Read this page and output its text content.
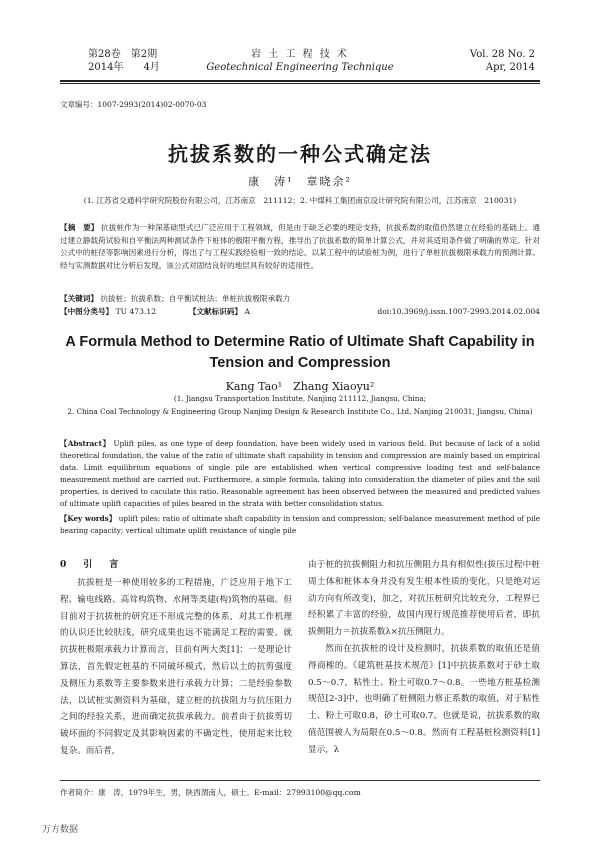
第28卷　第2期
2014年　　4月
岩 土 工 程 技 术
Geotechnical Engineering Technique
Vol. 28 No. 2
Apr, 2014
文章编号：1007-2993(2014)02-0070-03
抗拔系数的一种公式确定法
康　涛¹　章晓余²
(1. 江苏省交通科学研究院股份有限公司，江苏南京　211112；2. 中煤科工集团南京设计研究院有限公司，江苏南京　210031)
【摘　要】 抗拔桩作为一种深基础型式已广泛应用于工程领域，但是由于缺乏必要的理论支持，抗拔系数的取值仍然建立在经验的基础上。通过建立静载荷试验和自平衡法两种测试条件下桩体的极限平衡方程，推导出了抗拔系数的简单计算公式，并对其适用条件做了明确的界定。针对公式中的桩径等影响因素进行分析，得出了与工程实践经验相一致的结论。以某工程中的试验桩为例，进行了单桩抗拔极限承载力的预测计算。经与实测数据对比分析后发现，该公式对固结良好的地层具有较好的适用性。
【关键词】 抗拔桩；抗拔系数；自平衡试桩法；单桩抗拔极限承载力
【中图分类号】 TU 473.12	【文献标识码】 A	doi:10.3969/j.issn.1007-2993.2014.02.004
A Formula Method to Determine Ratio of Ultimate Shaft Capability in Tension and Compression
Kang Tao¹　Zhang Xiaoyu²
(1. Jiangsu Transportation Institute, Nanjing 211112, Jiangsu, China;
2. China Coal Technology & Engineering Group Nanjing Design & Research Institute Co., Ltd, Nanjing 210031, Jiangsu, China)
【Abstract】 Uplift piles, as one type of deep foundation, have been widely used in various field. But because of lack of a solid theoretical foundation, the value of the ratio of ultimate shaft capability in tension and compression are mainly based on empirical data. Limit equilibrium equations of single pile are established when vertical compressive loading test and self-balance measurement method are carried out. Furthermore, a simple formula, taking into consideration the diameter of piles and the soil properties, is derived to caculate this ratio. Reasonable agreement has been observed between the measured and predicted values of ultimate uplift capacities of piles beared in the strata with better consolidation status.
【Key words】 uplift piles; ratio of ultimate shaft capability in tension and compression; self-balance measurement method of pile bearing capacity; vertical ultimate uplift resistance of single pile
0　引　言
抗拔桩是一种使用较多的工程措施，广泛应用于地下工程、输电线路、高耸构筑物、水闸等类建(构)筑物的基础。但目前对于抗拔桩的研究还不形成完整的体系，对其工作机理的认识还比较肤浅，研究成果也远不能满足工程的需要。就抗拔桩极限承载力计算而言，目前有两大类[1]：一是理论计算法，首先假定桩基的不同破坏模式，然后以土的抗剪强度及侧压力系数等主要参数来进行承载力计算；二是经验参数法，以试桩实测资料为基础，建立桩的抗拔阻力与抗压阻力之间的经验关系，进而确定抗拔承载力。前者由于抗拔剪切破坏面的不同假定及其影响因素的不确定性，使用起来比较复杂。而后者，
由于桩的抗拔侧阻力和抗压侧阻力具有相似性(拔压过程中桩周土体和桩体本身并没有发生根本性质的变化，只是绝对运动方向有所改变)，加之，对抗压桩研究比较充分，工程界已经积累了丰富的经验，故国内现行规范推荐使用后者，即抗拔侧阻力＝抗拔系数λ×抗压侧阻力。
然而在抗拔桩的设计及检测时，抗拔系数的取值还是值得商榷的。《建筑桩基技术规范》[1]中抗拔系数对于砂土取0.5～0.7，粘性土、粉土可取0.7～0.8。一些地方桩基检测规范[2-3]中，也明确了桩侧阻力修正系数的取值，对于粘性土、粉土可取0.8，砂土可取0.7。也就是说，抗拔系数的取值范围被人为局限在0.5～0.8。然而有工程基桩检测资料[1]显示，λ
作者简介：康　涛，1979年生，男，陕西渭南人，硕士。E-mail：27993100@qq.com
万方数据
